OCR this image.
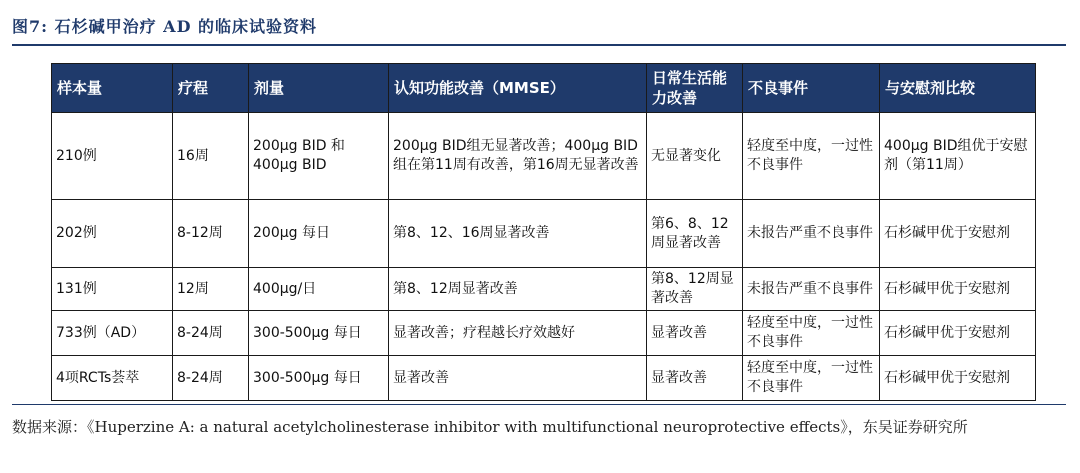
图7: 石杉碱甲治疗 AD 的临床试验资料
样本量	疗程	剂量	认知功能改善（MMSE）	日常生活能力改善	不良事件	与安慰剂比较
210例	16周	200μg BID 和 400μg BID	200μg BID组无显著改善；400μg BID组在第11周有改善，第16周无显著改善	无显著变化	轻度至中度，一过性不良事件	400μg BID组优于安慰剂（第11周）
202例	8-12周	200μg 每日	第8、12、16周显著改善	第6、8、12周显著改善	未报告严重不良事件	石杉碱甲优于安慰剂
131例	12周	400μg/日	第8、12周显著改善	第8、12周显著改善	未报告严重不良事件	石杉碱甲优于安慰剂
733例（AD）	8-24周	300-500μg 每日	显著改善；疗程越长疗效越好	显著改善	轻度至中度，一过性不良事件	石杉碱甲优于安慰剂
4项RCTs荟萃	8-24周	300-500μg 每日	显著改善	显著改善	轻度至中度，一过性不良事件	石杉碱甲优于安慰剂
数据来源：《Huperzine A: a natural acetylcholinesterase inhibitor with multifunctional neuroprotective effects》，东吴证券研究所
